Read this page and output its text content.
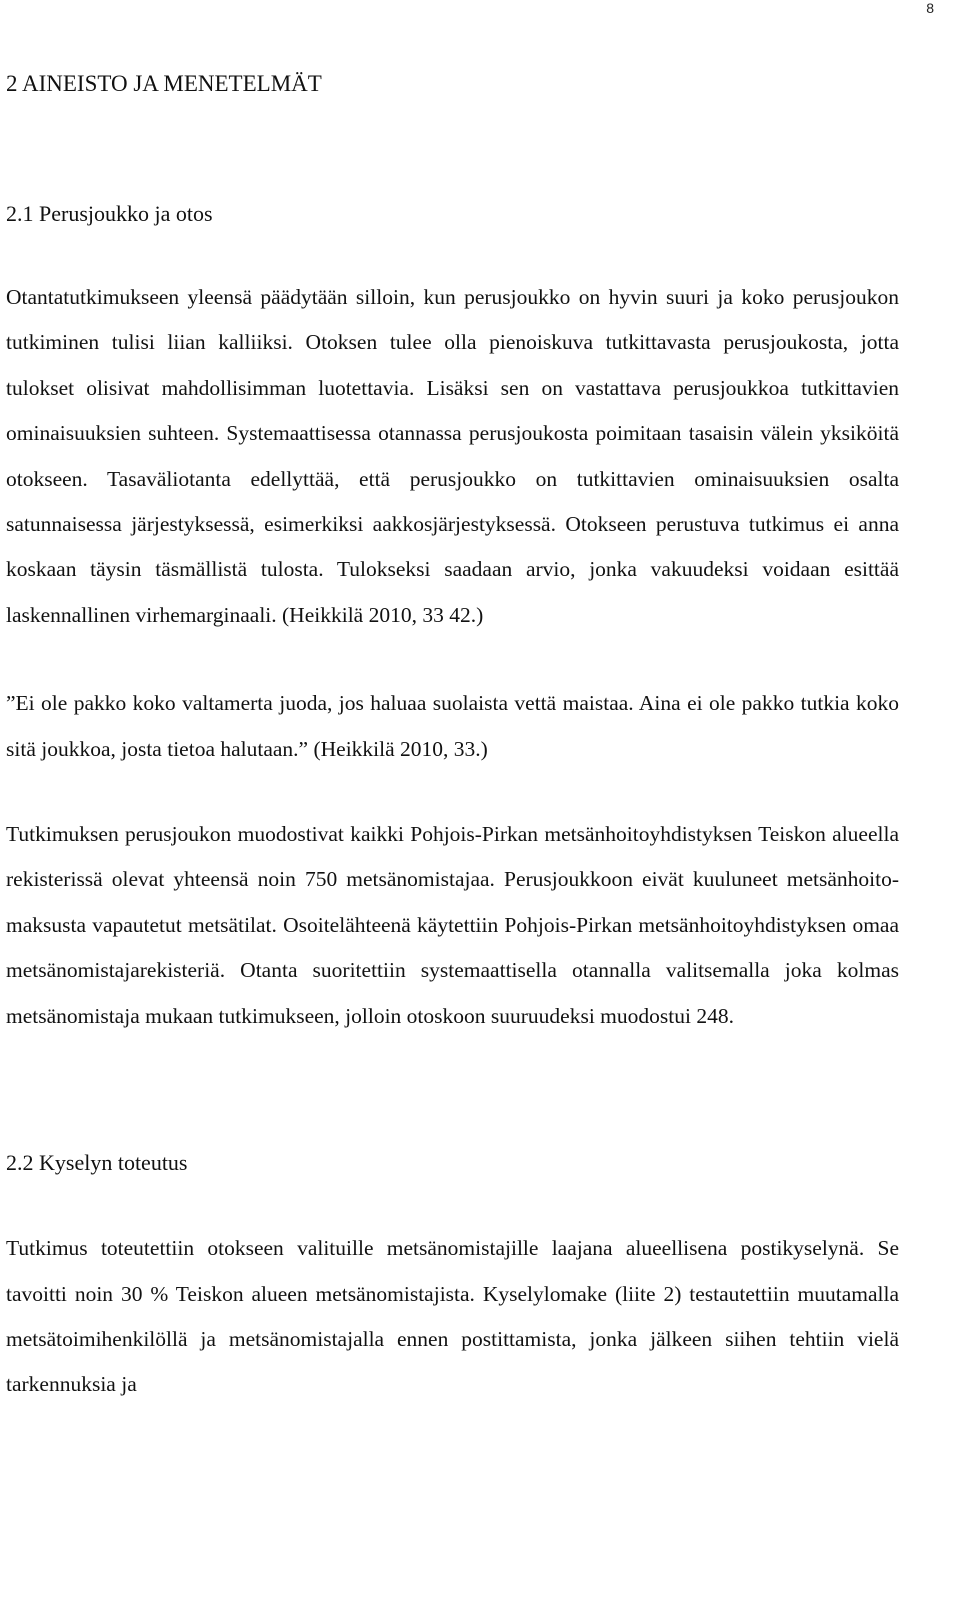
8
2 AINEISTO JA MENETELMÄT
2.1 Perusjoukko ja otos

Otantatutkimukseen yleensä päädytään silloin, kun perusjoukko on hyvin suuri ja koko perusjoukon tutkiminen tulisi liian kalliiksi. Otoksen tulee olla pienoiskuva tutkittavasta perusjoukosta, jotta tulokset olisivat mahdollisimman luotettavia. Lisäksi sen on vastattava perusjoukkoa tutkittavien ominaisuuksien suhteen. Systemaattisessa otannassa perusjoukosta poimitaan tasaisin välein yksiköitä otokseen. Tasaväliotanta edellyttää, että perusjoukko on tutkittavien ominaisuuksien osalta satunnaisessa järjestyksessä, esimerkiksi aakkosjärjestyksessä. Otokseen perustuva tutkimus ei anna koskaan täysin täsmällistä tulosta. Tulokseksi saadaan arvio, jonka vakuudeksi voidaan esittää laskennallinen virhemarginaali. (Heikkilä 2010, 33 42.)

”Ei ole pakko koko valtamerta juoda, jos haluaa suolaista vettä maistaa. Aina ei ole pakko tutkia koko sitä joukkoa, josta tietoa halutaan.” (Heikkilä 2010, 33.)

Tutkimuksen perusjoukon muodostivat kaikki Pohjois-Pirkan metsänhoitoyhdistyksen Teiskon alueella rekisterissä olevat yhteensä noin 750 metsänomistajaa. Perusjoukkoon eivät kuuluneet metsänhoito-maksusta vapautetut metsätilat. Osoitelähteenä käytettiin Pohjois-Pirkan metsänhoitoyhdistyksen omaa metsänomistajarekisteriä. Otanta suoritettiin systemaattisella otannalla valitsemalla joka kolmas metsänomistaja mukaan tutkimukseen, jolloin otoskoon suuruudeksi muodostui 248.

2.2 Kyselyn toteutus

Tutkimus toteutettiin otokseen valituille metsänomistajille laajana alueellisena postikyselynä. Se tavoitti noin 30 % Teiskon alueen metsänomistajista. Kyselylomake (liite 2) testautettiin muutamalla metsätoimihenkilöllä ja metsänomistajalla ennen postittamista, jonka jälkeen siihen tehtiin vielä tarkennuksia ja
